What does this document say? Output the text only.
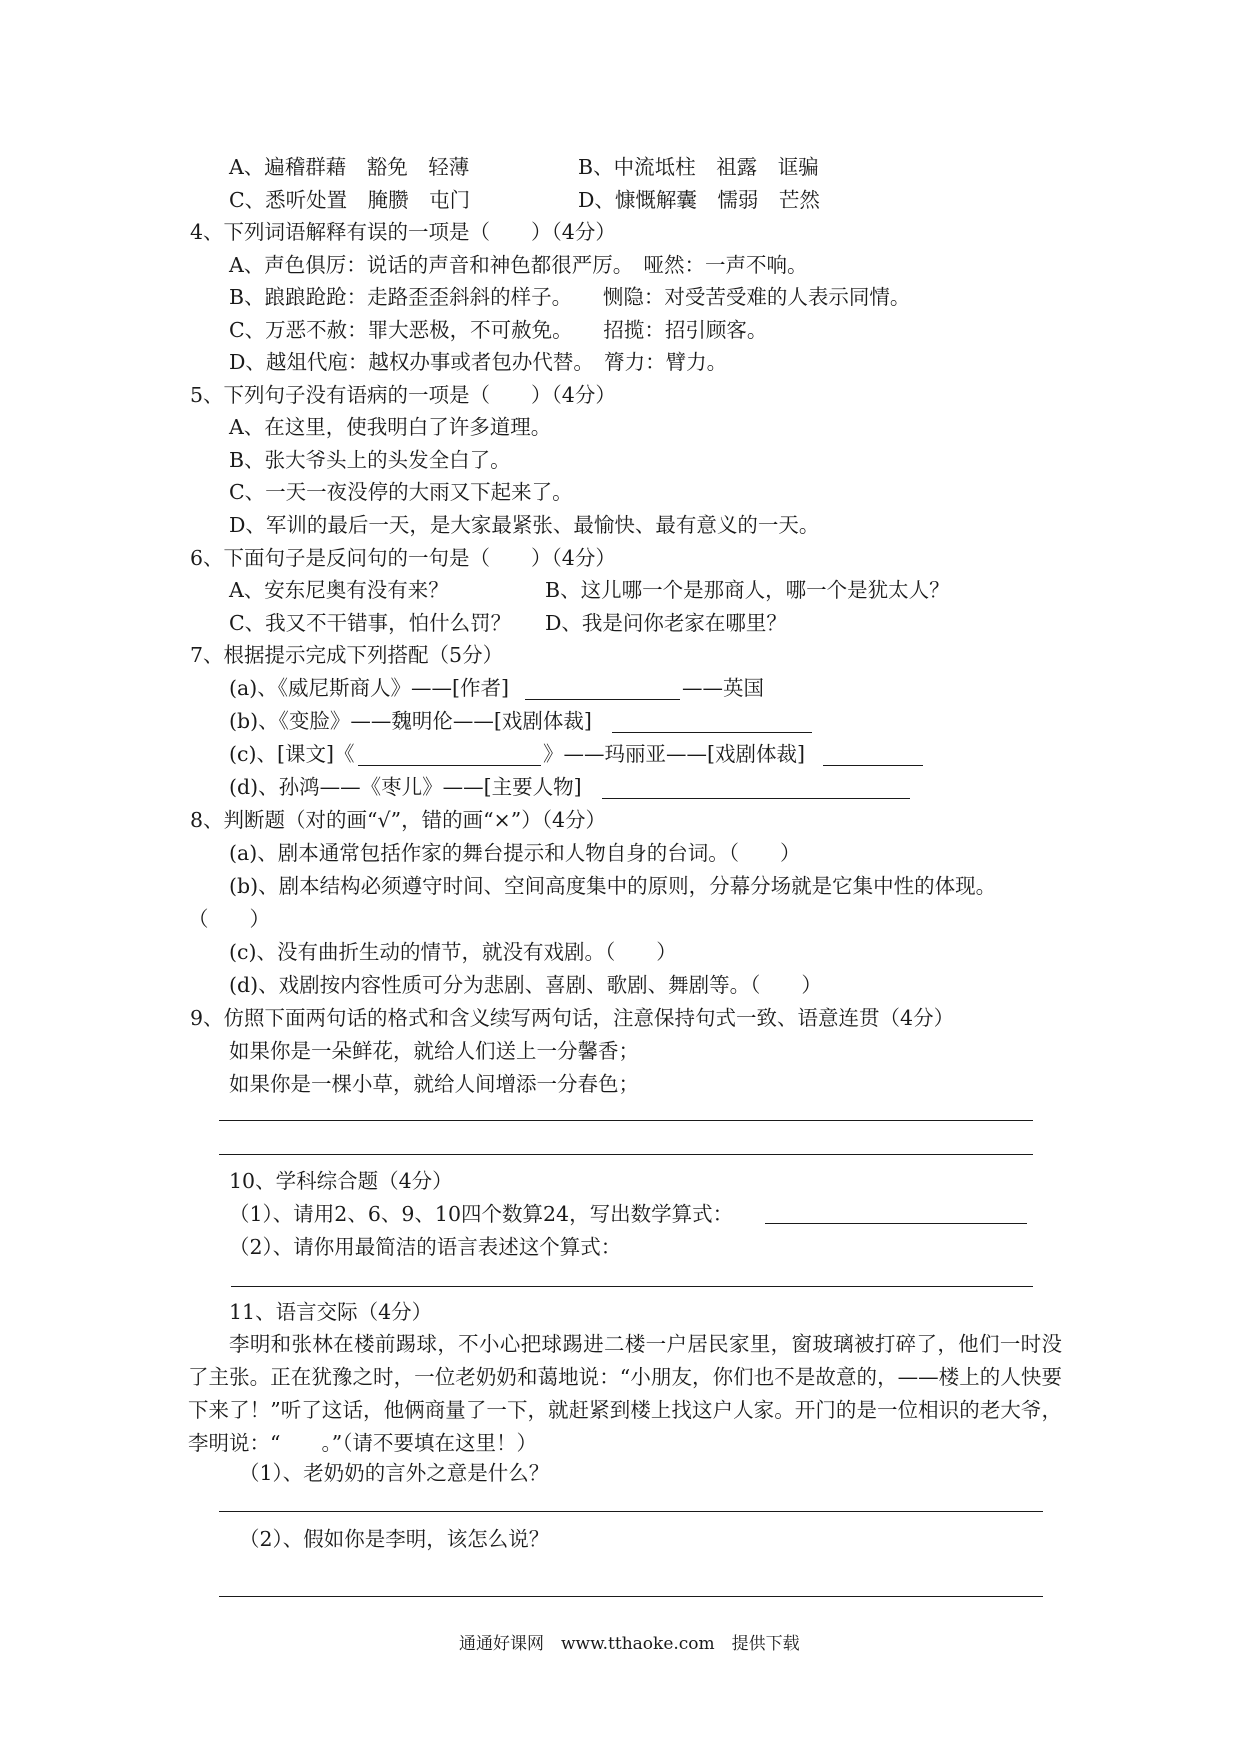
A、遍稽群藉　豁免　轻薄	B、中流坻柱　祖露　诓骗
C、悉听处置　腌臜　屯门	D、慷慨解囊　懦弱　芒然
4、下列词语解释有误的一项是（　　）（4分）
A、声色俱厉：说话的声音和神色都很严厉。　哑然：一声不响。
B、踉踉跄跄：走路歪歪斜斜的样子。　　恻隐：对受苦受难的人表示同情。
C、万恶不赦：罪大恶极，不可赦免。　　招揽：招引顾客。
D、越俎代庖：越权办事或者包办代替。　膂力：臂力。
5、下列句子没有语病的一项是（　　）（4分）
A、在这里，使我明白了许多道理。
B、张大爷头上的头发全白了。
C、一天一夜没停的大雨又下起来了。
D、军训的最后一天，是大家最紧张、最愉快、最有意义的一天。
6、下面句子是反问句的一句是（　　）（4分）
A、安东尼奥有没有来？	B、这儿哪一个是那商人，哪一个是犹太人？
C、我又不干错事，怕什么罚？ D、我是问你老家在哪里？
7、根据提示完成下列搭配（5分）
(a)、《威尼斯商人》——[作者]	——英国
(b)、《变脸》——魏明伦——[戏剧体裁]
(c)、[课文]《	》——玛丽亚——[戏剧体裁]
(d)、孙鸿——《枣儿》——[主要人物]
8、判断题（对的画“√”，错的画“×”）（4分）
(a)、剧本通常包括作家的舞台提示和人物自身的台词。（　　）
(b)、剧本结构必须遵守时间、空间高度集中的原则，分幕分场就是它集中性的体现。
（　　）
(c)、没有曲折生动的情节，就没有戏剧。（　　）
(d)、戏剧按内容性质可分为悲剧、喜剧、歌剧、舞剧等。（　　）
9、仿照下面两句话的格式和含义续写两句话，注意保持句式一致、语意连贯（4分）
如果你是一朵鲜花，就给人们送上一分馨香；
如果你是一棵小草，就给人间增添一分春色；
10、学科综合题（4分）
（1）、请用2、6、9、10四个数算24，写出数学算式：
（2）、请你用最简洁的语言表述这个算式：
11、语言交际（4分）
李明和张林在楼前踢球，不小心把球踢进二楼一户居民家里，窗玻璃被打碎了，他们一时没了主张。正在犹豫之时，一位老奶奶和蔼地说：“小朋友，你们也不是故意的，——楼上的人快要下来了！”听了这话，他俩商量了一下，就赶紧到楼上找这户人家。开门的是一位相识的老大爷，李明说：“　　。”（请不要填在这里！）
（1）、老奶奶的言外之意是什么？
（2）、假如你是李明，该怎么说？
通通好课网　www.tthaoke.com　提供下载
